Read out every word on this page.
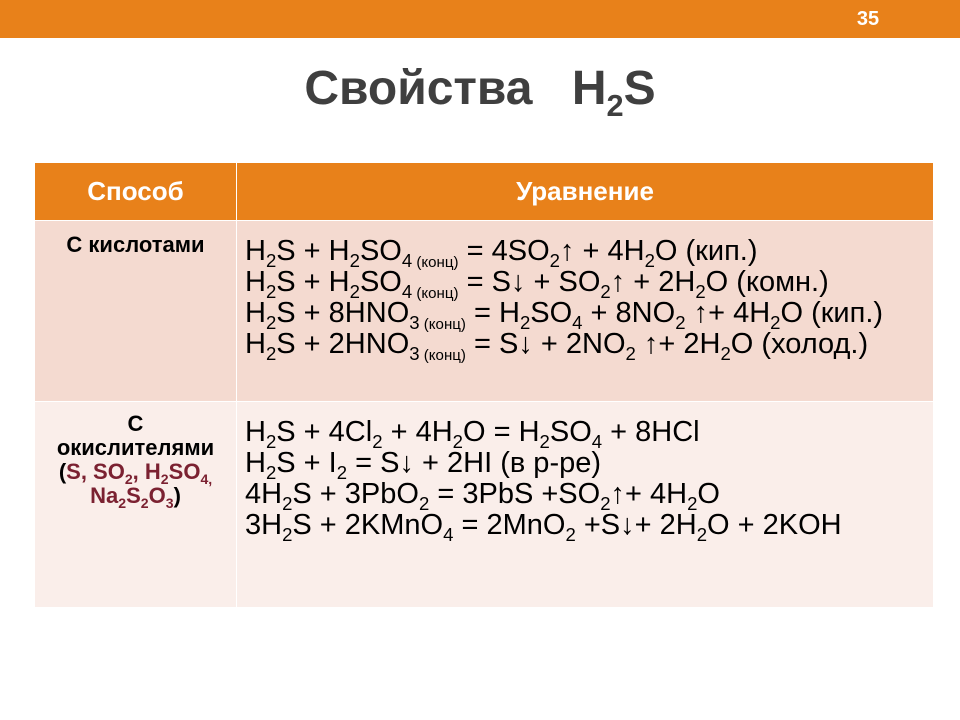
35
Свойства $H_2S$
Способ	Уравнение
С кислотами	$H_2S + H_2SO_4$ $_{(конц)} = 4SO_2↑ + 4H_2O$ (кип.)
$H_2S + H_2SO_4$ $_{(конц)}$ = S↓ + $SO_2↑ + 2H_2O$ (комн.)
$H_2S + 8HNO_3$ $_{(конц)} = H_2SO_4 + 8NO_2$ ↑+ $4H_2O$ (кип.)
$H_2S + 2HNO_3$ $_{(конц)}$ = S↓ + $2NO_2$ ↑+ $2H_2O$ (холод.)
С
окислителями
(S, $SO_2$, $H_2SO_{4,}$
$Na_2S_2O_3$)
$H_2S + 4Cl_2 + 4H_2O = H_2SO_4 + 8HCl$
$H_2S + I_2$ = S↓ + 2HI (в р-ре)
$4H_2S + 3PbO_2 = 3PbS$ $+SO_2↑+ 4H_2O$
$3H_2S$ + 2KMnO$_4$ = 2MnO$_2$ +S↓+ $2H_2O + 2KOH$
